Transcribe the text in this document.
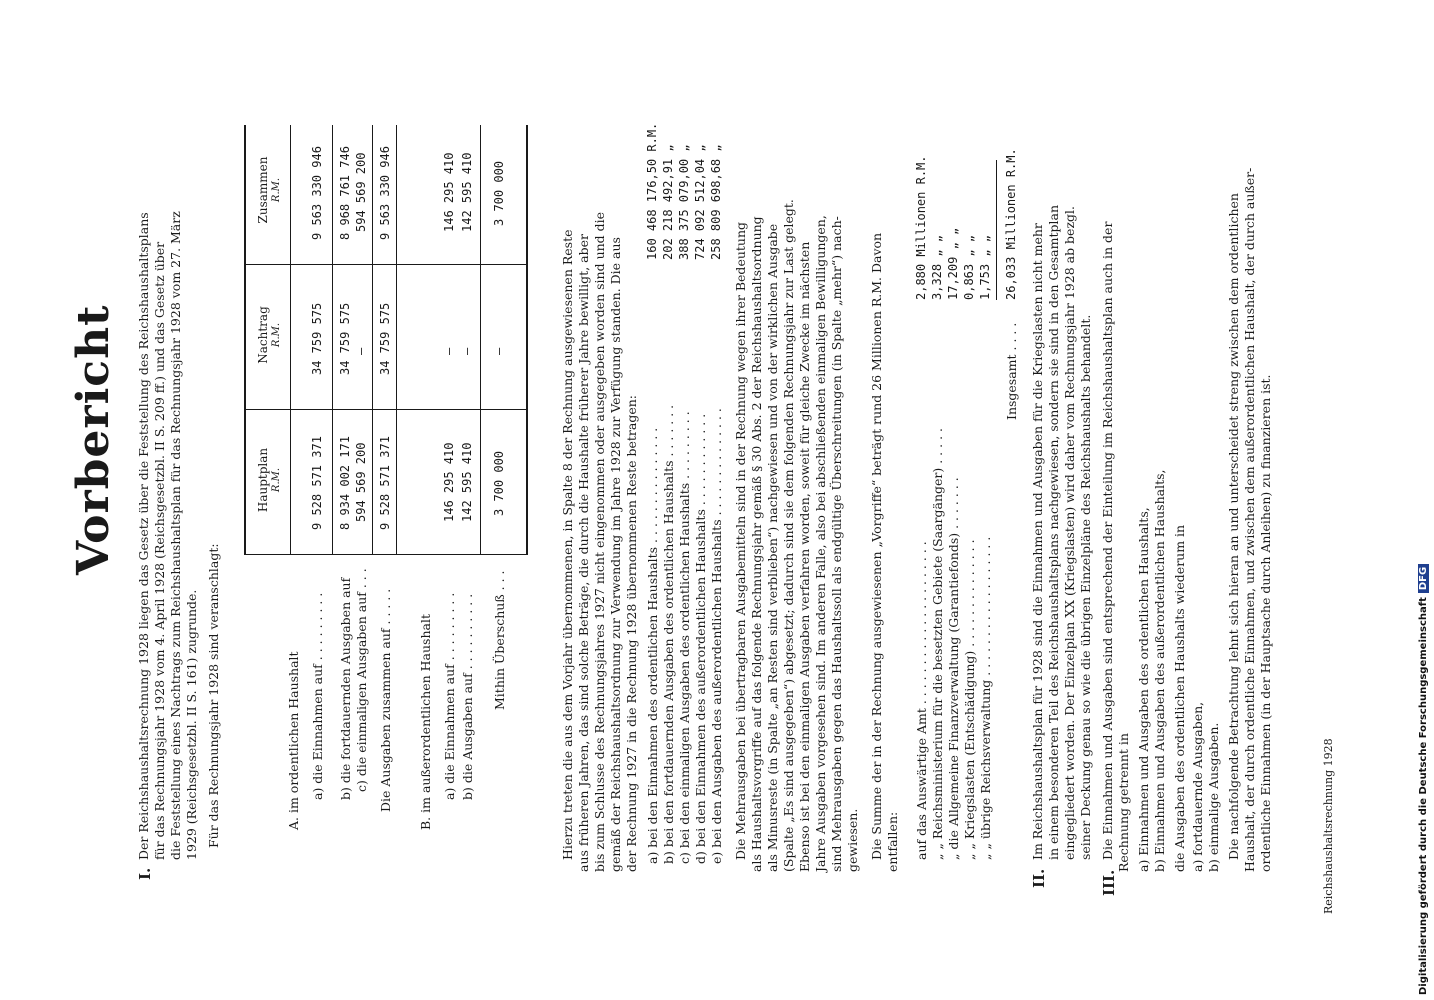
Vorbericht
I.
Der Reichshaushaltsrechnung 1928 liegen das Gesetz über die Feststellung des Reichshaushaltsplans für das Rechnungsjahr 1928 vom 4. April 1928 (Reichsgesetzbl. II S. 209 ff.) und das Gesetz über die Feststellung eines Nachtrags zum Reichshaushaltsplan für das Rechnungsjahr 1928 vom 27. März 1929 (Reichsgesetzbl. II S. 161) zugrunde. Für das Rechnungsjahr 1928 sind veranschlagt:
Hauptplan R.M.
Nachtrag R.M.
Zusammen R.M.
A. im ordentlichen Haushalt a) die Einnahmen auf . . . . . . . . .
9 528 571 371
34 759 575
9 563 330 946
b) die fortdauernden Ausgaben auf
8 934 002 171
34 759 575
8 968 761 746
c) die einmaligen Ausgaben auf . . .
594 569 200
—
594 569 200
Die Ausgaben zusammen auf . . . . .
9 528 571 371
34 759 575
9 563 330 946
B. im außerordentlichen Haushalt a) die Einnahmen auf . . . . . . . . .
146 295 410
—
146 295 410
b) die Ausgaben auf . . . . . . . . . .
142 595 410
—
142 595 410
Mithin Überschuß . . .
3 700 000
—
3 700 000
Hierzu treten die aus dem Vorjahr übernommenen, in Spalte 8 der Rechnung ausgewiesenen Reste aus früheren Jahren, das sind solche Beträge, die durch die Haushalte früherer Jahre bewilligt, aber bis zum Schlusse des Rechnungsjahres 1927 nicht eingenommen oder ausgegeben worden sind und die gemäß der Reichshaushaltsordnung zur Verwendung im Jahre 1928 zur Verfügung standen. Die aus der Rechnung 1927 in die Rechnung 1928 übernommenen Reste betragen: a) bei den Einnahmen des ordentlichen Haushalts . . . . . . . . . . . . . . .
160 468 176,50 R.M.
b) bei den fortdauernden Ausgaben des ordentlichen Haushalts . . . . . . .
202 218 492,91 „
c) bei den einmaligen Ausgaben des ordentlichen Haushalts . . . . . . . . .
388 375 079,00 „
d) bei den Einnahmen des außerordentlichen Haushalts . . . . . . . . . . . .
724 092 512,04 „
e) bei den Ausgaben des außerordentlichen Haushalts . . . . . . . . . . . . . .
258 809 698,68 „
Die Mehrausgaben bei übertragbaren Ausgabemitteln sind in der Rechnung wegen ihrer Bedeutung als Haushaltsvorgriffe auf das folgende Rechnungsjahr gemäß § 30 Abs. 2 der Reichshaushaltsordnung als Minusreste (in Spalte „an Resten sind verblieben“) nachgewiesen und von der wirklichen Ausgabe (Spalte „Es sind ausgegeben“) abgesetzt; dadurch sind sie dem folgenden Rechnungsjahr zur Last gelegt. Ebenso ist bei den einmaligen Ausgaben verfahren worden, soweit für gleiche Zwecke im nächsten Jahre Ausgaben vorgesehen sind. Im anderen Falle, also bei abschließenden einmaligen Bewilligungen, sind Mehrausgaben gegen das Haushaltssoll als endgültige Überschreitungen (in Spalte „mehr“) nach- gewiesen. Die Summe der in der Rechnung ausgewiesenen „Vorgriffe“ beträgt rund 26 Millionen R.M. Davon entfallen: auf das Auswärtige Amt . . . . . . . . . . . . . . . . . . . . .
2,880 Millionen R.M.
„ „ Reichsministerium für die besetzten Gebiete (Saargänger) . . . . .
3,328 „ „
„ die Allgemeine Finanzverwaltung (Garantiefonds) . . . . . . .
17,209 „ „
„ „ Kriegslasten (Entschädigung) . . . . . . . . . . . . . .
0,863 „ „
„ „ übrige Reichsverwaltung . . . . . . . . . . . . . . . . . .
1,753 „ „
Insgesamt . . . .
26,033 Millionen R.M.
II.
Im Reichshaushaltsplan für 1928 sind die Einnahmen und Ausgaben für die Kriegslasten nicht mehr in einem besonderen Teil des Reichshaushaltsplans nachgewiesen, sondern sie sind in den Gesamtplan eingegliedert worden. Der Einzelplan XX (Kriegslasten) wird daher vom Rechnungsjahr 1928 ab bezgl. seiner Deckung genau so wie die übrigen Einzelpläne des Reichshaushalts behandelt.
III.
Die Einnahmen und Ausgaben sind entsprechend der Einteilung im Reichshaushaltsplan auch in der Rechnung getrennt in a) Einnahmen und Ausgaben des ordentlichen Haushalts, b) Einnahmen und Ausgaben des außerordentlichen Haushalts, die Ausgaben des ordentlichen Haushalts wiederum in a) fortdauernde Ausgaben, b) einmalige Ausgaben. Die nachfolgende Betrachtung lehnt sich hieran an und unterscheidet streng zwischen dem ordentlichen Haushalt, der durch ordentliche Einnahmen, und zwischen dem außerordentlichen Haushalt, der durch außer- ordentliche Einnahmen (in der Hauptsache durch Anleihen) zu finanzieren ist.	Reichshaushaltsrechnung 1928	Digitalisierung gefördert durch die Deutsche ForschungsgemeinschaftDFG
